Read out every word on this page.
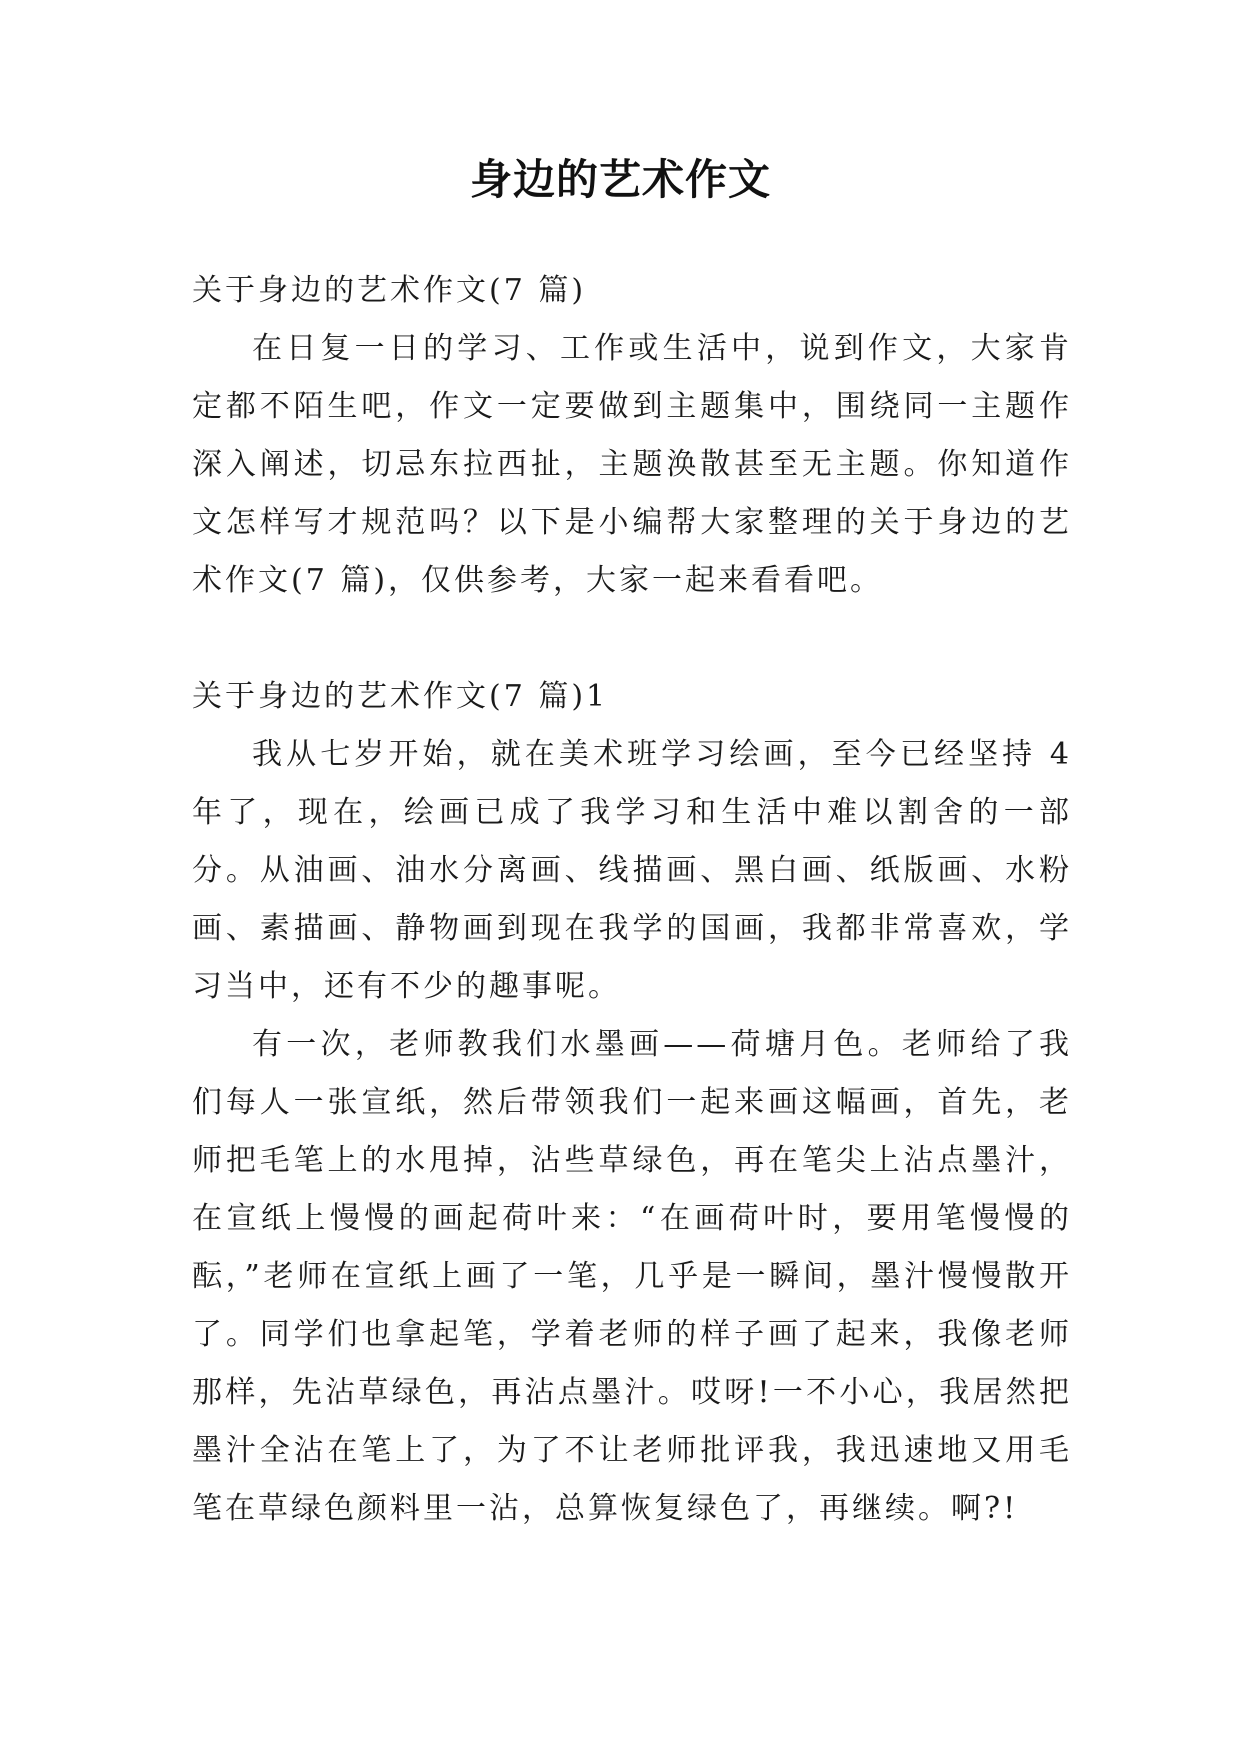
身边的艺术作文

关于身边的艺术作文(7 篇)

在日复一日的学习、工作或生活中，说到作文，大家肯定都不陌生吧，作文一定要做到主题集中，围绕同一主题作深入阐述，切忌东拉西扯，主题涣散甚至无主题。你知道作文怎样写才规范吗？以下是小编帮大家整理的关于身边的艺术作文(7 篇)，仅供参考，大家一起来看看吧。

关于身边的艺术作文(7 篇)1

我从七岁开始，就在美术班学习绘画，至今已经坚持 4 年了，现在，绘画已成了我学习和生活中难以割舍的一部分。从油画、油水分离画、线描画、黑白画、纸版画、水粉画、素描画、静物画到现在我学的国画，我都非常喜欢，学习当中，还有不少的趣事呢。

有一次，老师教我们水墨画——荷塘月色。老师给了我们每人一张宣纸，然后带领我们一起来画这幅画，首先，老师把毛笔上的水甩掉，沾些草绿色，再在笔尖上沾点墨汁，在宣纸上慢慢的画起荷叶来：“在画荷叶时，要用笔慢慢的酝，”老师在宣纸上画了一笔，几乎是一瞬间，墨汁慢慢散开了。同学们也拿起笔，学着老师的样子画了起来，我像老师那样，先沾草绿色，再沾点墨汁。哎呀!一不小心，我居然把墨汁全沾在笔上了，为了不让老师批评我，我迅速地又用毛笔在草绿色颜料里一沾，总算恢复绿色了，再继续。啊?!
